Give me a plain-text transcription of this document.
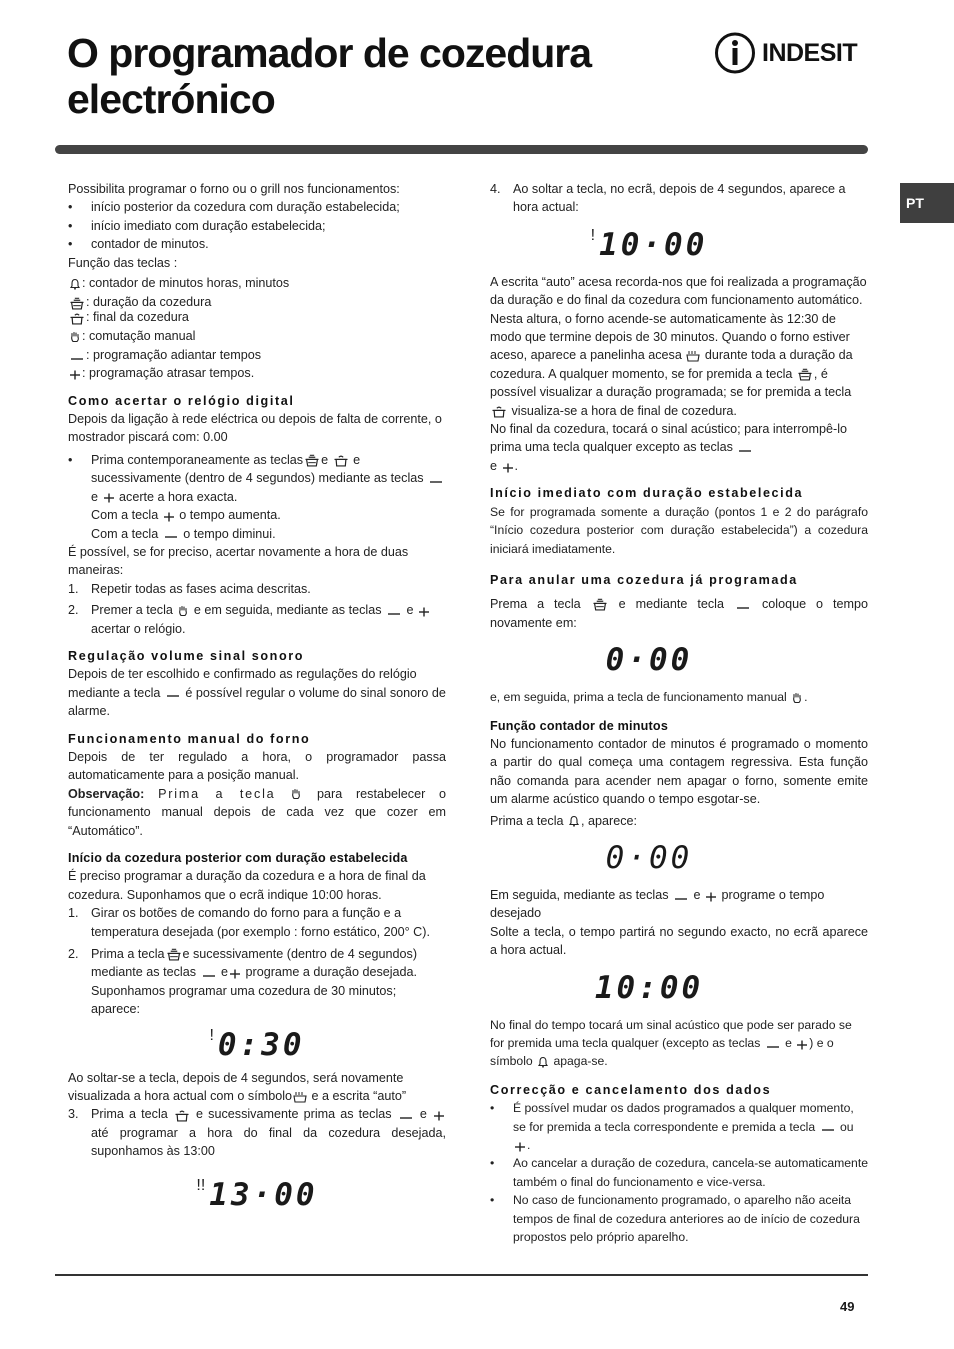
O programador de cozedura electrónico
INDESIT
PT

Possibilita programar o forno ou o grill nos funcionamentos:

•	início posterior da cozedura com duração estabelecida;
•	início imediato com duração estabelecida;
•	contador de minutos.

Função das teclas :

: contador de minutos horas, minutos

: duração da cozedura

: final da cozedura

: comutação manual

: programação adiantar tempos

: programação atrasar tempos.

Como acertar o relógio digital

Depois da ligação à rede eléctrica ou depois de falta de corrente, o mostrador piscará com: 0.00

•	Prima contemporaneamente as teclas e e sucessivamente (dentro de 4 segundos) mediante as teclas  e acerte a hora exacta.
Com a tecla o tempo aumenta.
Com a tecla o tempo diminui.

É possível, se for preciso, acertar novamente a hora de duas maneiras:

1. Repetir todas as fases acima descritas.
2. Premer a tecla e em seguida, mediante as teclas e  acertar o relógio.

Regulação volume sinal sonoro

Depois de ter escolhido e confirmado as regulações do relógio mediante a tecla é possível regular o volume do sinal sonoro de alarme.

Funcionamento manual do forno

Depois de ter regulado a hora, o programador passa automaticamente para a posição manual.

Observação: Prima a tecla	para restabelecer o funcionamento manual depois de cada vez que cozer em “Automático”.

Início da cozedura posterior com duração estabelecida

É preciso programar a duração da cozedura e a hora de final da cozedura. Suponhamos que o ecrã indique 10:00 horas.

1. Girar os botões de comando do forno para a função e a temperatura desejada (por exemplo : forno estático, 200° C).
2. Prima a tecla e sucessivamente (dentro de 4 segundos) mediante as teclas e programe a duração desejada. Suponhamos programar uma cozedura de 30 minutos; aparece:
! 0:30

Ao soltar-se a tecla, depois de 4 segundos, será novamente visualizada a hora actual com o símbolo e a escrita “auto”

3. Prima a tecla e sucessivamente prima as teclas e  até programar a hora do final da cozedura desejada, suponhamos às 13:00
!! 13·00
4. Ao soltar a tecla, no ecrã, depois de 4 segundos, aparece a hora actual:
! 10·00

A escrita “auto” acesa recorda-nos que foi realizada a programação da duração e do final da cozedura com funcionamento automático. Nesta altura, o forno acende-se automaticamente às 12:30 de modo que termine depois de 30 minutos. Quando o forno estiver aceso, aparece a panelinha acesa durante toda a duração da cozedura. A qualquer momento, se for premida a tecla , é possível visualizar a duração programada; se for premida a tecla  visualiza-se a hora de final de cozedura.

No final da cozedura, tocará o sinal acústico; para interrompê-lo prima uma tecla qualquer excepto as teclas
e .

Início imediato com duração estabelecida

Se for programada somente a duração (pontos 1 e 2 do parágrafo “Início cozedura posterior com duração estabelecida”) a cozedura iniciará imediatamente.

Para anular uma cozedura já programada

Prema a tecla	e mediante tecla	coloque o tempo novamente em:

0·00

e, em seguida, prima a tecla de funcionamento manual .

Função contador de minutos

No funcionamento contador de minutos é programado o momento a partir do qual começa uma contagem regressiva. Esta função não comanda para acender nem apagar o forno, somente emite um alarme acústico quando o tempo esgotar-se.

Prima a tecla , aparece:

0·00

Em seguida, mediante as teclas e programe o tempo desejado

Solte a tecla, o tempo partirá no segundo exacto, no ecrã aparece a hora actual.

10:00

No final do tempo tocará um sinal acústico que pode ser parado se for premida uma tecla qualquer (excepto as teclas e ) e o símbolo apaga-se.

Correcção e cancelamento dos dados

•	É possível mudar os dados programados a qualquer momento, se for premida a tecla correspondente e premida a tecla ou .
•	Ao cancelar a duração de cozedura, cancela-se automaticamente também o final do funcionamento e vice-versa.
•	No caso de funcionamento programado, o aparelho não aceita tempos de final de cozedura anteriores ao de início de cozedura propostos pelo próprio aparelho.
49
